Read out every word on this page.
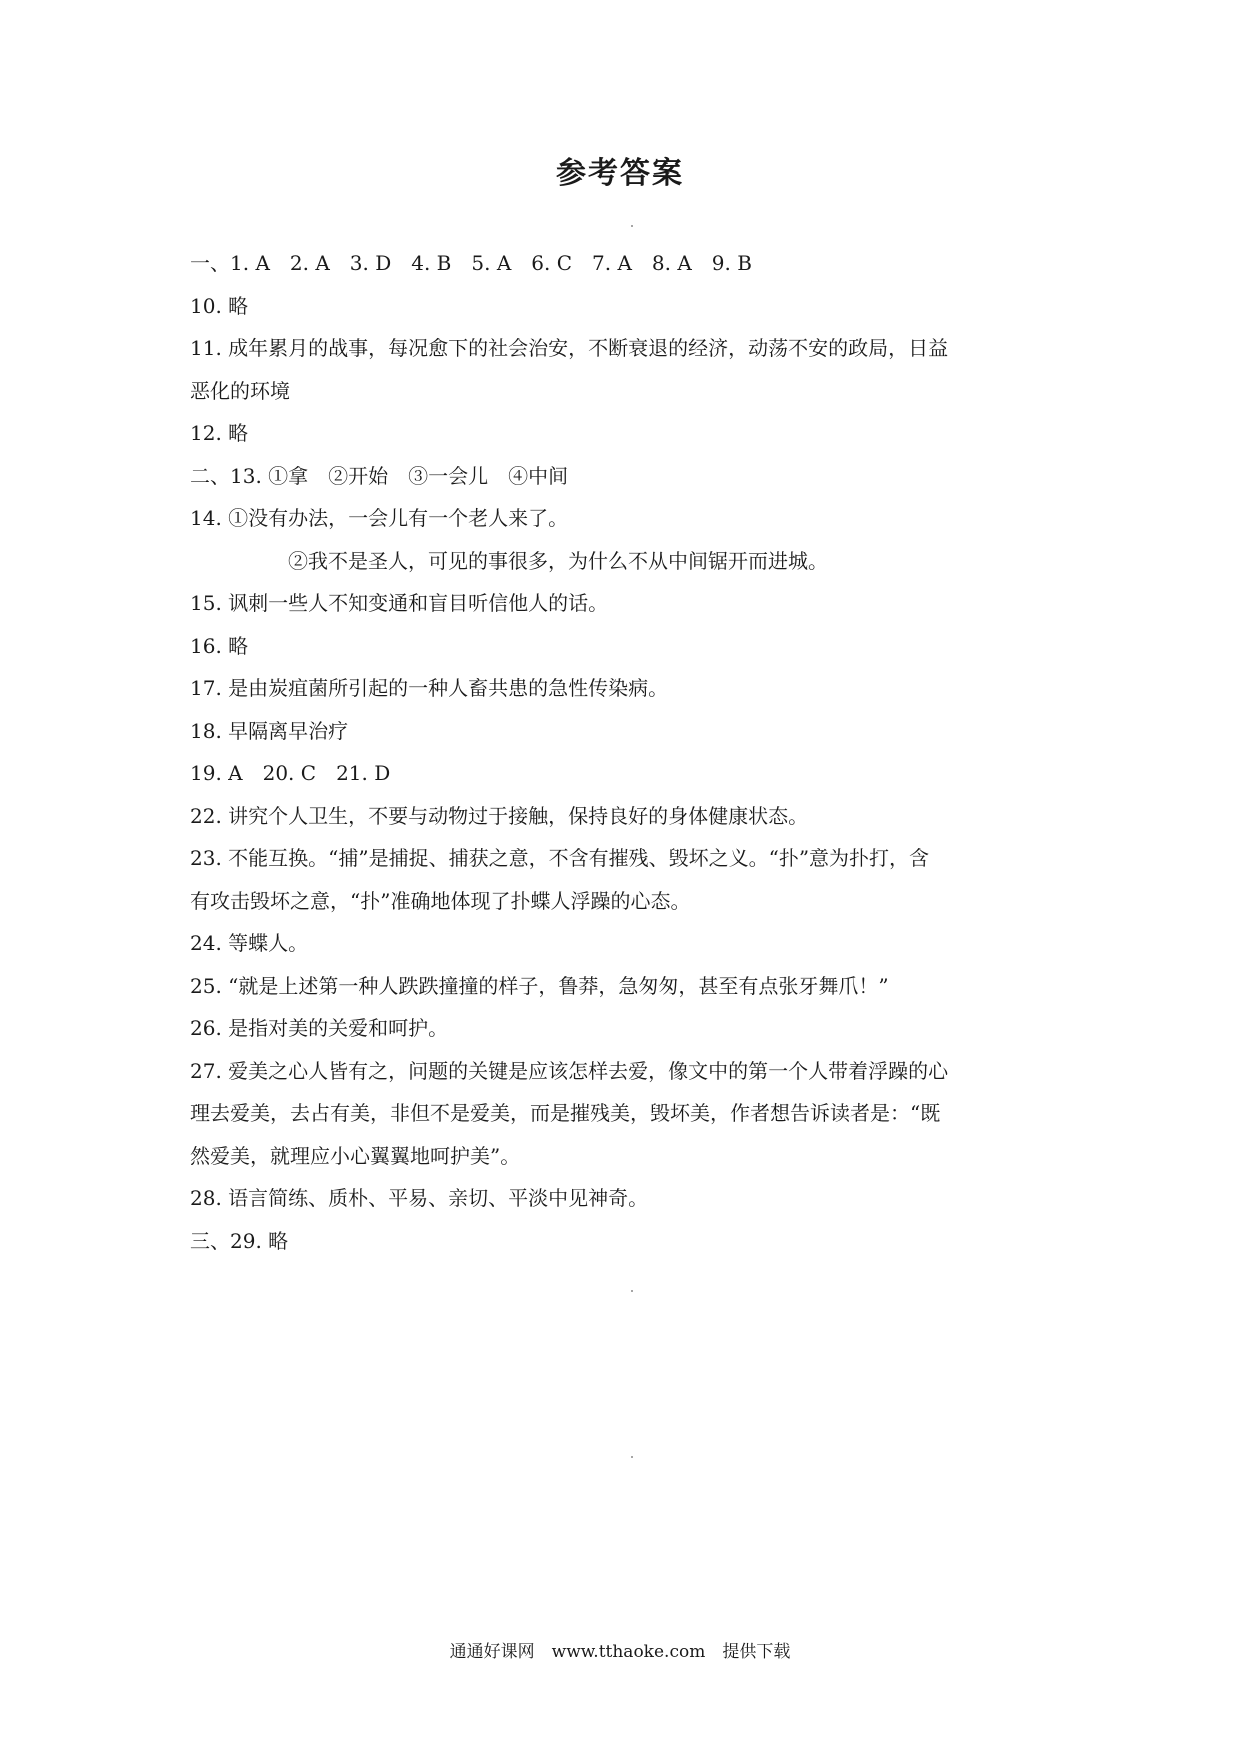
参考答案
一、1. A　2. A　3. D　4. B　5. A　6. C　7. A　8. A　9. B
10. 略
11. 成年累月的战事，每况愈下的社会治安，不断衰退的经济，动荡不安的政局，日益
恶化的环境
12. 略
二、13. ①拿　②开始　③一会儿　④中间
14. ①没有办法，一会儿有一个老人来了。
②我不是圣人，可见的事很多，为什么不从中间锯开而进城。
15. 讽刺一些人不知变通和盲目听信他人的话。
16. 略
17. 是由炭疽菌所引起的一种人畜共患的急性传染病。
18. 早隔离早治疗
19. A　20. C　21. D
22. 讲究个人卫生，不要与动物过于接触，保持良好的身体健康状态。
23. 不能互换。“捕”是捕捉、捕获之意，不含有摧残、毁坏之义。“扑”意为扑打，含
有攻击毁坏之意，“扑”准确地体现了扑蝶人浮躁的心态。
24. 等蝶人。
25. “就是上述第一种人跌跌撞撞的样子，鲁莽，急匆匆，甚至有点张牙舞爪！”
26. 是指对美的关爱和呵护。
27. 爱美之心人皆有之，问题的关键是应该怎样去爱，像文中的第一个人带着浮躁的心
理去爱美，去占有美，非但不是爱美，而是摧残美，毁坏美，作者想告诉读者是：“既
然爱美，就理应小心翼翼地呵护美”。
28. 语言简练、质朴、平易、亲切、平淡中见神奇。
三、29. 略

通通好课网　www.tthaoke.com　提供下载
